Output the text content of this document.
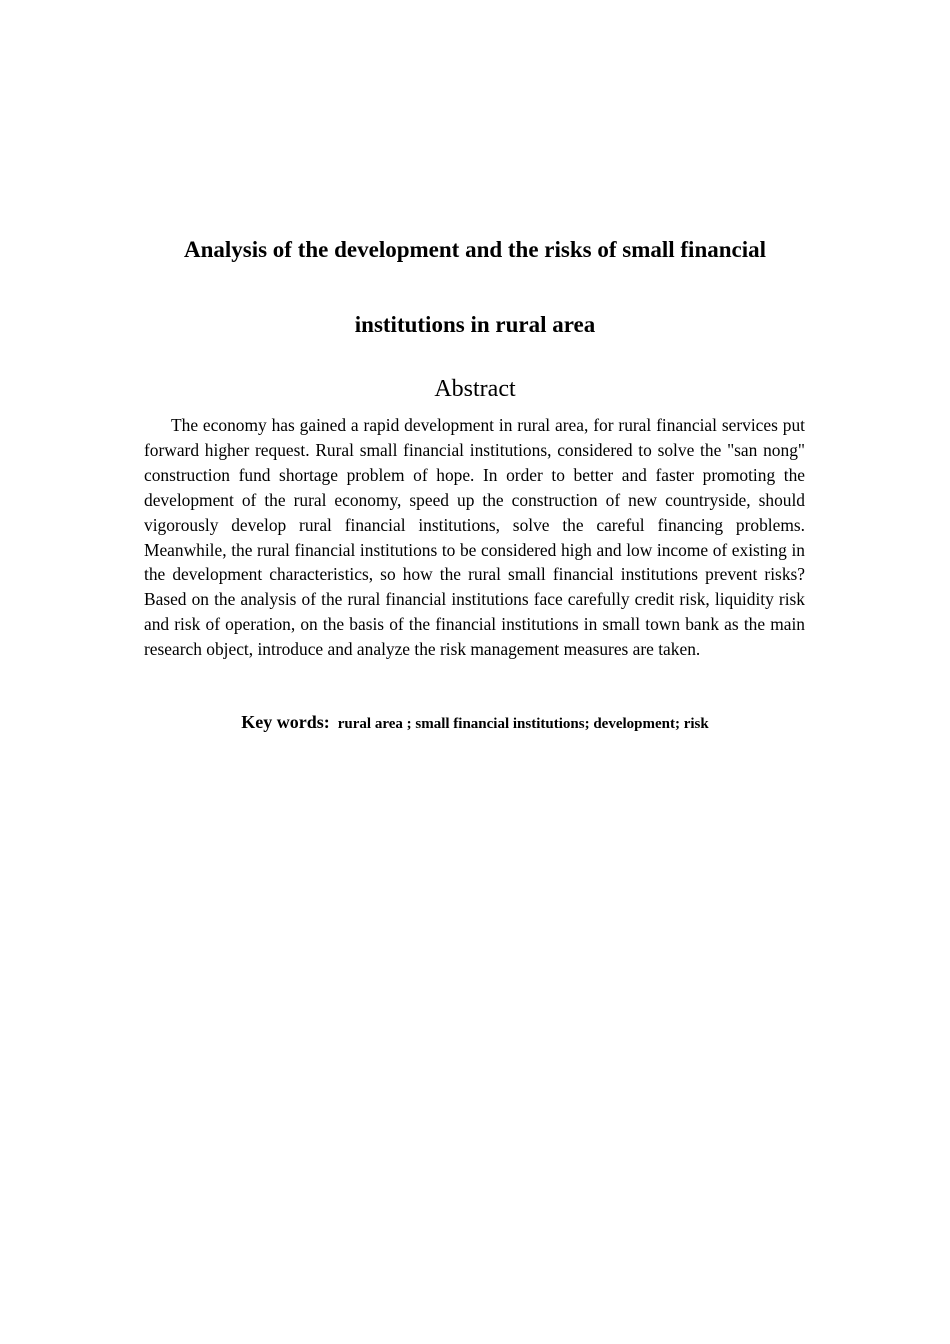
Analysis of the development and the risks of small financial
institutions in rural area
Abstract

The economy has gained a rapid development in rural area, for rural financial services put forward higher request. Rural small financial institutions, considered to solve the "san nong" construction fund shortage problem of hope. In order to better and faster promoting the development of the rural economy, speed up the construction of new countryside, should vigorously develop rural financial institutions, solve the careful financing problems. Meanwhile, the rural financial institutions to be considered high and low income of existing in the development characteristics, so how the rural small financial institutions prevent risks? Based on the analysis of the rural financial institutions face carefully credit risk, liquidity risk and risk of operation, on the basis of the financial institutions in small town bank as the main research object, introduce and analyze the risk management measures are taken.

Key words: rural area ; small financial institutions; development; risk
